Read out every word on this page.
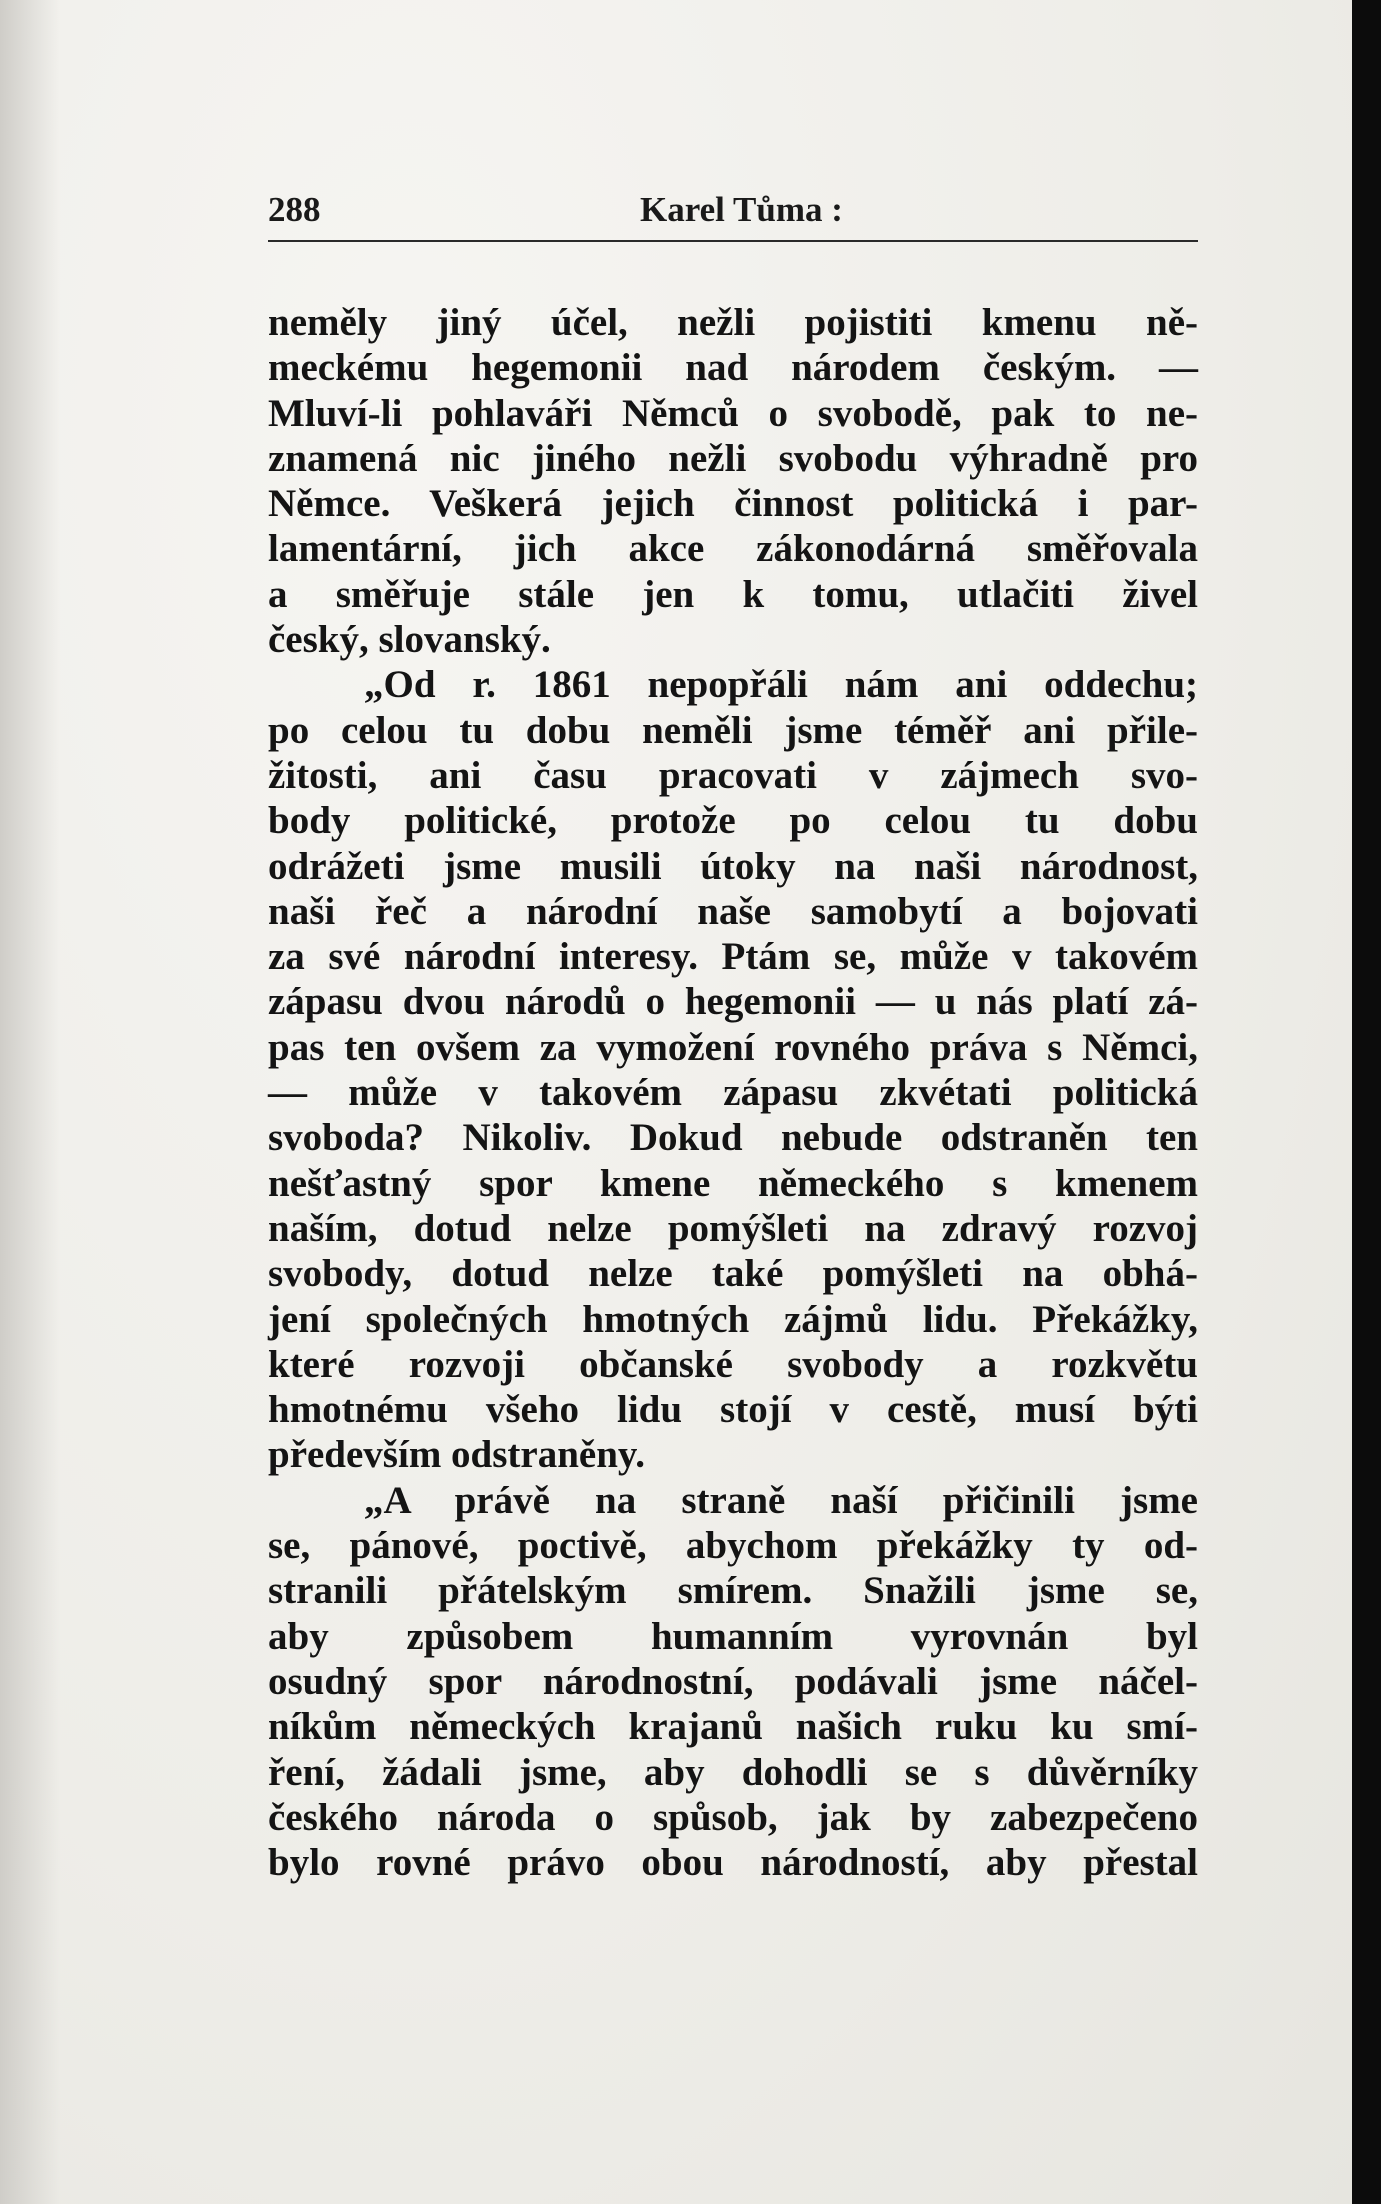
288	Karel Tůma :
neměly jiný účel, nežli pojistiti kmenu ně-
meckému hegemonii nad národem českým. —
Mluví-li pohlaváři Němců o svobodě, pak to ne-
znamená nic jiného nežli svobodu výhradně pro
Němce. Veškerá jejich činnost politická i par-
lamentární, jich akce zákonodárná směřovala
a směřuje stále jen k tomu, utlačiti živel
český, slovanský.
„Od r. 1861 nepopřáli nám ani oddechu;
po celou tu dobu neměli jsme téměř ani přile-
žitosti, ani času pracovati v zájmech svo-
body politické, protože po celou tu dobu
odrážeti jsme musili útoky na naši národnost,
naši řeč a národní naše samobytí a bojovati
za své národní interesy. Ptám se, může v takovém
zápasu dvou národů o hegemonii — u nás platí zá-
pas ten ovšem za vymožení rovného práva s Němci,
— může v takovém zápasu zkvétati politická
svoboda? Nikoliv. Dokud nebude odstraněn ten
nešťastný spor kmene německého s kmenem
naším, dotud nelze pomýšleti na zdravý rozvoj
svobody, dotud nelze také pomýšleti na obhá-
jení společných hmotných zájmů lidu. Překážky,
které rozvoji občanské svobody a rozkvětu
hmotnému všeho lidu stojí v cestě, musí býti
především odstraněny.
„A právě na straně naší přičinili jsme
se, pánové, poctivě, abychom překážky ty od-
stranili přátelským smírem. Snažili jsme se,
aby způsobem humanním vyrovnán byl
osudný spor národnostní, podávali jsme náčel-
níkům německých krajanů našich ruku ku smí-
ření, žádali jsme, aby dohodli se s důvěrníky
českého národa o spůsob, jak by zabezpečeno
bylo rovné právo obou národností, aby přestal
